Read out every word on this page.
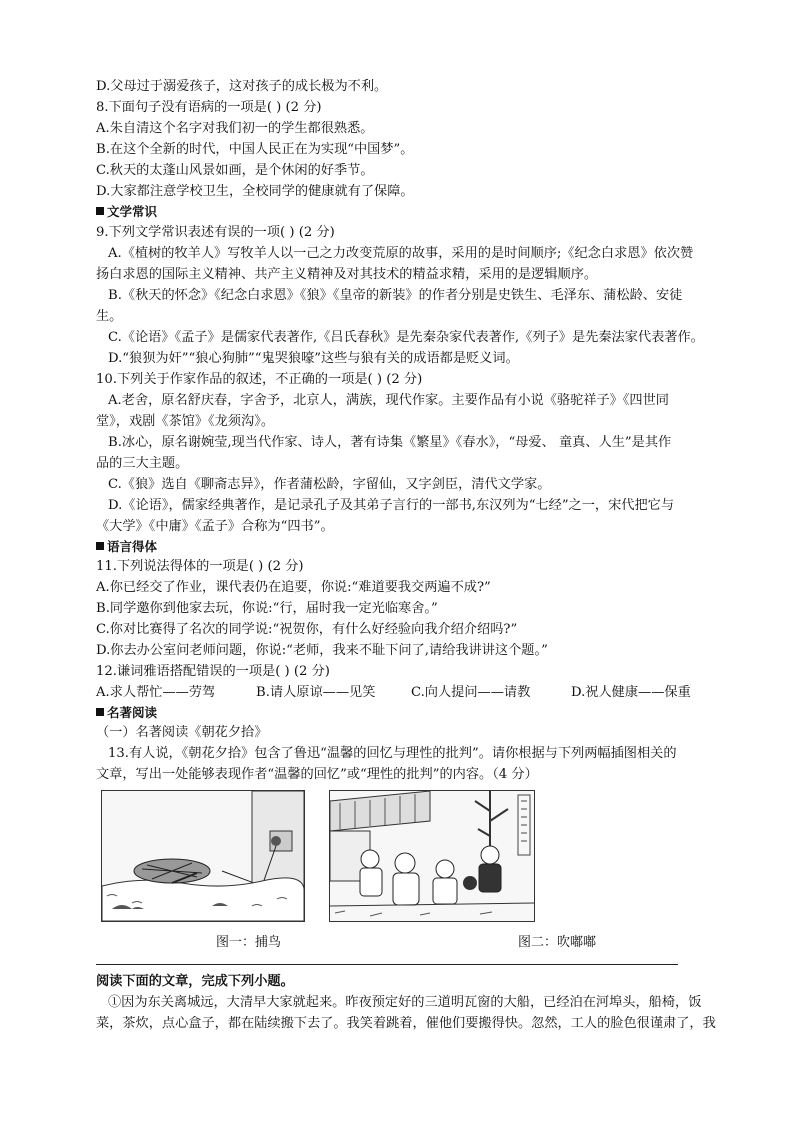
D.父母过于溺爱孩子，这对孩子的成长极为不利。
8.下面句子没有语病的一项是( ) (2 分)
A.朱自清这个名字对我们初一的学生都很熟悉。
B.在这个全新的时代，中国人民正在为实现“中国梦”。
C.秋天的太蓬山风景如画，是个休闲的好季节。
D.大家都注意学校卫生，全校同学的健康就有了保障。
文学常识
9.下列文学常识表述有误的一项( ) (2 分)
A.《植树的牧羊人》写牧羊人以一己之力改变荒原的故事，采用的是时间顺序;《纪念白求恩》依次赞
扬白求恩的国际主义精神、共产主义精神及对其技术的精益求精，采用的是逻辑顺序。
B.《秋天的怀念》《纪念白求恩》《狼》《皇帝的新装》的作者分别是史铁生、毛泽东、蒲松龄、安徒
生。
C.《论语》《孟子》是儒家代表著作,《吕氏春秋》是先秦杂家代表著作,《列子》是先秦法家代表著作。
D.“狼狈为奸”“狼心狗肺”“鬼哭狼嚎”这些与狼有关的成语都是贬义词。
10.下列关于作家作品的叙述，不正确的一项是( ) (2 分)
A.老舍，原名舒庆春，字舍予，北京人，满族，现代作家。主要作品有小说《骆驼祥子》《四世同
堂》，戏剧《茶馆》《龙须沟》。
B.冰心，原名谢婉莹,现当代作家、诗人，著有诗集《繁星》《春水》，“母爱、 童真、人生”是其作
品的三大主题。
C.《狼》选自《聊斋志异》，作者蒲松龄，字留仙，又字剑臣，清代文学家。
D.《论语》，儒家经典著作，是记录孔子及其弟子言行的一部书,东汉列为“七经”之一，宋代把它与
《大学》《中庸》《孟子》合称为“四书”。
语言得体
11.下列说法得体的一项是( ) (2 分)
A.你已经交了作业，课代表仍在追要，你说:“难道要我交两遍不成?”
B.同学邀你到他家去玩，你说:“行，届时我一定光临寒舍。”
C.你对比赛得了名次的同学说:“祝贺你，有什么好经验向我介绍介绍吗?”
D.你去办公室问老师问题，你说:“老师，我来不耻下问了,请给我讲讲这个题。”
12.谦词雅语搭配错误的一项是( ) (2 分)
A.求人帮忙——劳驾	B.请人原谅——见笑	C.向人提问——请教	D.祝人健康——保重
名著阅读
（一）名著阅读《朝花夕拾》
13.有人说，《朝花夕拾》包含了鲁迅“温馨的回忆与理性的批判”。请你根据与下列两幅插图相关的
文章，写出一处能够表现作者“温馨的回忆”或“理性的批判”的内容。（4 分）
图一：捕鸟	图二：吹嘟嘟
阅读下面的文章，完成下列小题。
①因为东关离城远，大清早大家就起来。昨夜预定好的三道明瓦窗的大船，已经泊在河埠头，船椅，饭
菜，茶炊，点心盒子，都在陆续搬下去了。我笑着跳着，催他们要搬得快。忽然，工人的脸色很谨肃了，我
